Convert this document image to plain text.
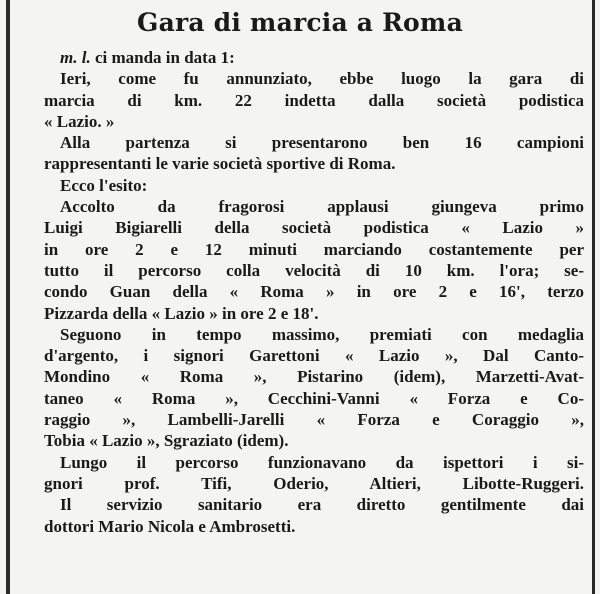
Gara di marcia a Roma
m. l. ci manda in data 1:
Ieri, come fu annunziato, ebbe luogo la gara di
marcia di km. 22 indetta dalla società podistica
« Lazio. »
Alla partenza si presentarono ben 16 campioni
rappresentanti le varie società sportive di Roma.
Ecco l'esito:
Accolto da fragorosi applausi giungeva primo
Luigi Bigiarelli della società podistica « Lazio »
in ore 2 e 12 minuti marciando costantemente per
tutto il percorso colla velocità di 10 km. l'ora; se-
condo Guan della « Roma » in ore 2 e 16', terzo
Pizzarda della « Lazio » in ore 2 e 18'.
Seguono in tempo massimo, premiati con medaglia
d'argento, i signori Garettoni « Lazio », Dal Canto-
Mondino « Roma », Pistarino (idem), Marzetti-Avat-
taneo « Roma », Cecchini-Vanni « Forza e Co-
raggio », Lambelli-Jarelli « Forza e Coraggio »,
Tobia « Lazio », Sgraziato (idem).
Lungo il percorso funzionavano da ispettori i si-
gnori prof. Tifi, Oderio, Altieri, Libotte-Ruggeri.
Il servizio sanitario era diretto gentilmente dai
dottori Mario Nicola e Ambrosetti.
